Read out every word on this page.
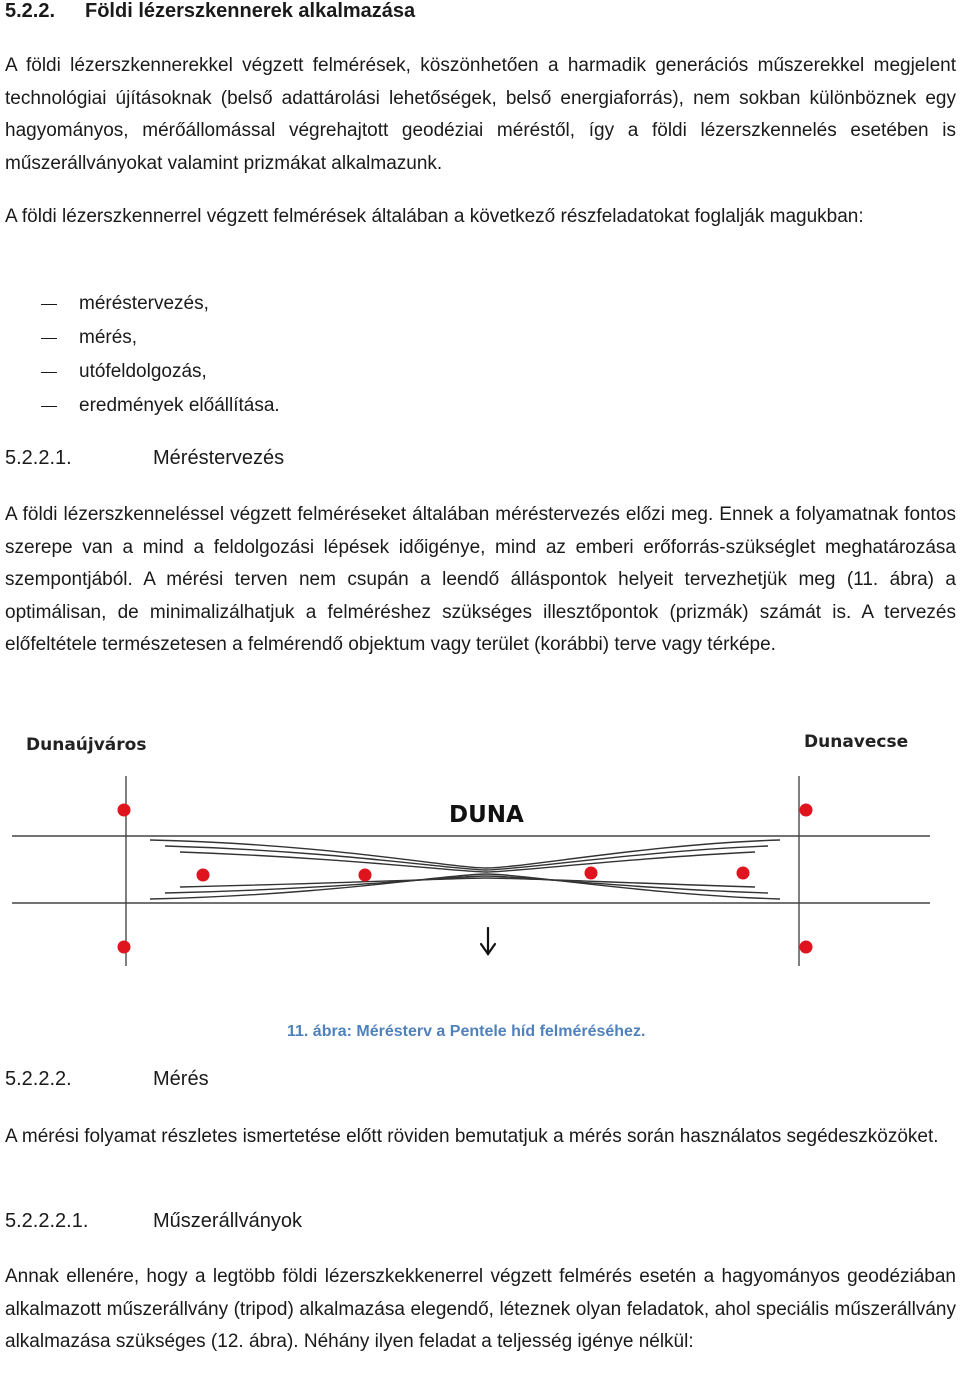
5.2.2. Földi lézerszkennerek alkalmazása
A földi lézerszkennerekkel végzett felmérések, köszönhetően a harmadik generációs műszerekkel megjelent technológiai újításoknak (belső adattárolási lehetőségek, belső energiaforrás), nem sokban különböznek egy hagyományos, mérőállomással végrehajtott geodéziai méréstől, így a földi lézerszkennelés esetében is műszerállványokat valamint prizmákat alkalmazunk.
A földi lézerszkennerrel végzett felmérések általában a következő részfeladatokat foglalják magukban:
méréstervezés,
mérés,
utófeldolgozás,
eredmények előállítása.
5.2.2.1.	Méréstervezés
A földi lézerszkenneléssel végzett felméréseket általában méréstervezés előzi meg. Ennek a folyamatnak fontos szerepe van a mind a feldolgozási lépések időigénye, mind az emberi erőforrás-szükséglet meghatározása szempontjából. A mérési terven nem csupán a leendő álláspontok helyeit tervezhetjük meg (11. ábra) a optimálisan, de minimalizálhatjuk a felméréshez szükséges illesztőpontok (prizmák) számát is. A tervezés előfeltétele természetesen a felmérendő objektum vagy terület (korábbi) terve vagy térképe.
5.2.2.2.	Mérés
A mérési folyamat részletes ismertetése előtt röviden bemutatjuk a mérés során használatos segédeszközöket.
5.2.2.2.1.	Műszerállványok
Annak ellenére, hogy a legtöbb földi lézerszkekkenerrel végzett felmérés esetén a hagyományos geodéziában alkalmazott műszerállvány (tripod) alkalmazása elegendő, léteznek olyan feladatok, ahol speciális műszerállvány alkalmazása szükséges (12. ábra). Néhány ilyen feladat a teljesség igénye nélkül:
Dunaújváros	Dunavecse
DUNA
11. ábra: Mérésterv a Pentele híd felméréséhez.
